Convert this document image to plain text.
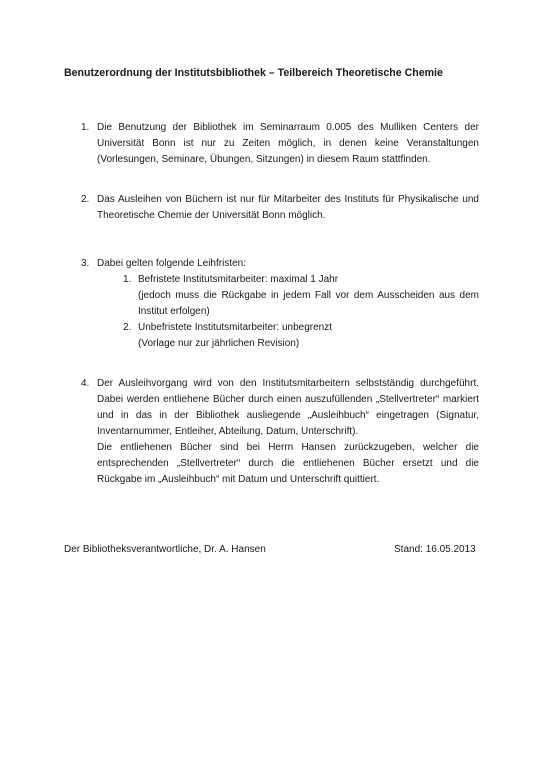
Benutzerordnung der Institutsbibliothek – Teilbereich Theoretische Chemie
1. Die Benutzung der Bibliothek im Seminarraum 0.005 des Mulliken Centers der Universität Bonn ist nur zu Zeiten möglich, in denen keine Veranstaltungen (Vorlesungen, Seminare, Übungen, Sitzungen) in diesem Raum stattfinden.

2. Das Ausleihen von Büchern ist nur für Mitarbeiter des Instituts für Physikalische und Theoretische Chemie der Universität Bonn möglich.

3. Dabei gelten folgende Leihfristen:

1. Befristete Institutsmitarbeiter: maximal 1 Jahr

(jedoch muss die Rückgabe in jedem Fall vor dem Ausscheiden aus dem Institut erfolgen)

2. Unbefristete Institutsmitarbeiter: unbegrenzt

(Vorlage nur zur jährlichen Revision)

4. Der Ausleihvorgang wird von den Institutsmitarbeitern selbstständig durchgeführt. Dabei werden entliehene Bücher durch einen auszufüllenden „Stellvertreter“ markiert und in das in der Bibliothek ausliegende „Ausleihbuch“ eingetragen (Signatur, Inventarnummer, Entleiher, Abteilung, Datum, Unterschrift).

Die entliehenen Bücher sind bei Herrn Hansen zurückzugeben, welcher die entsprechenden „Stellvertreter“ durch die entliehenen Bücher ersetzt und die Rückgabe im „Ausleihbuch“ mit Datum und Unterschrift quittiert.

Der Bibliotheksverantwortliche, Dr. A. Hansen	Stand: 16.05.2013
